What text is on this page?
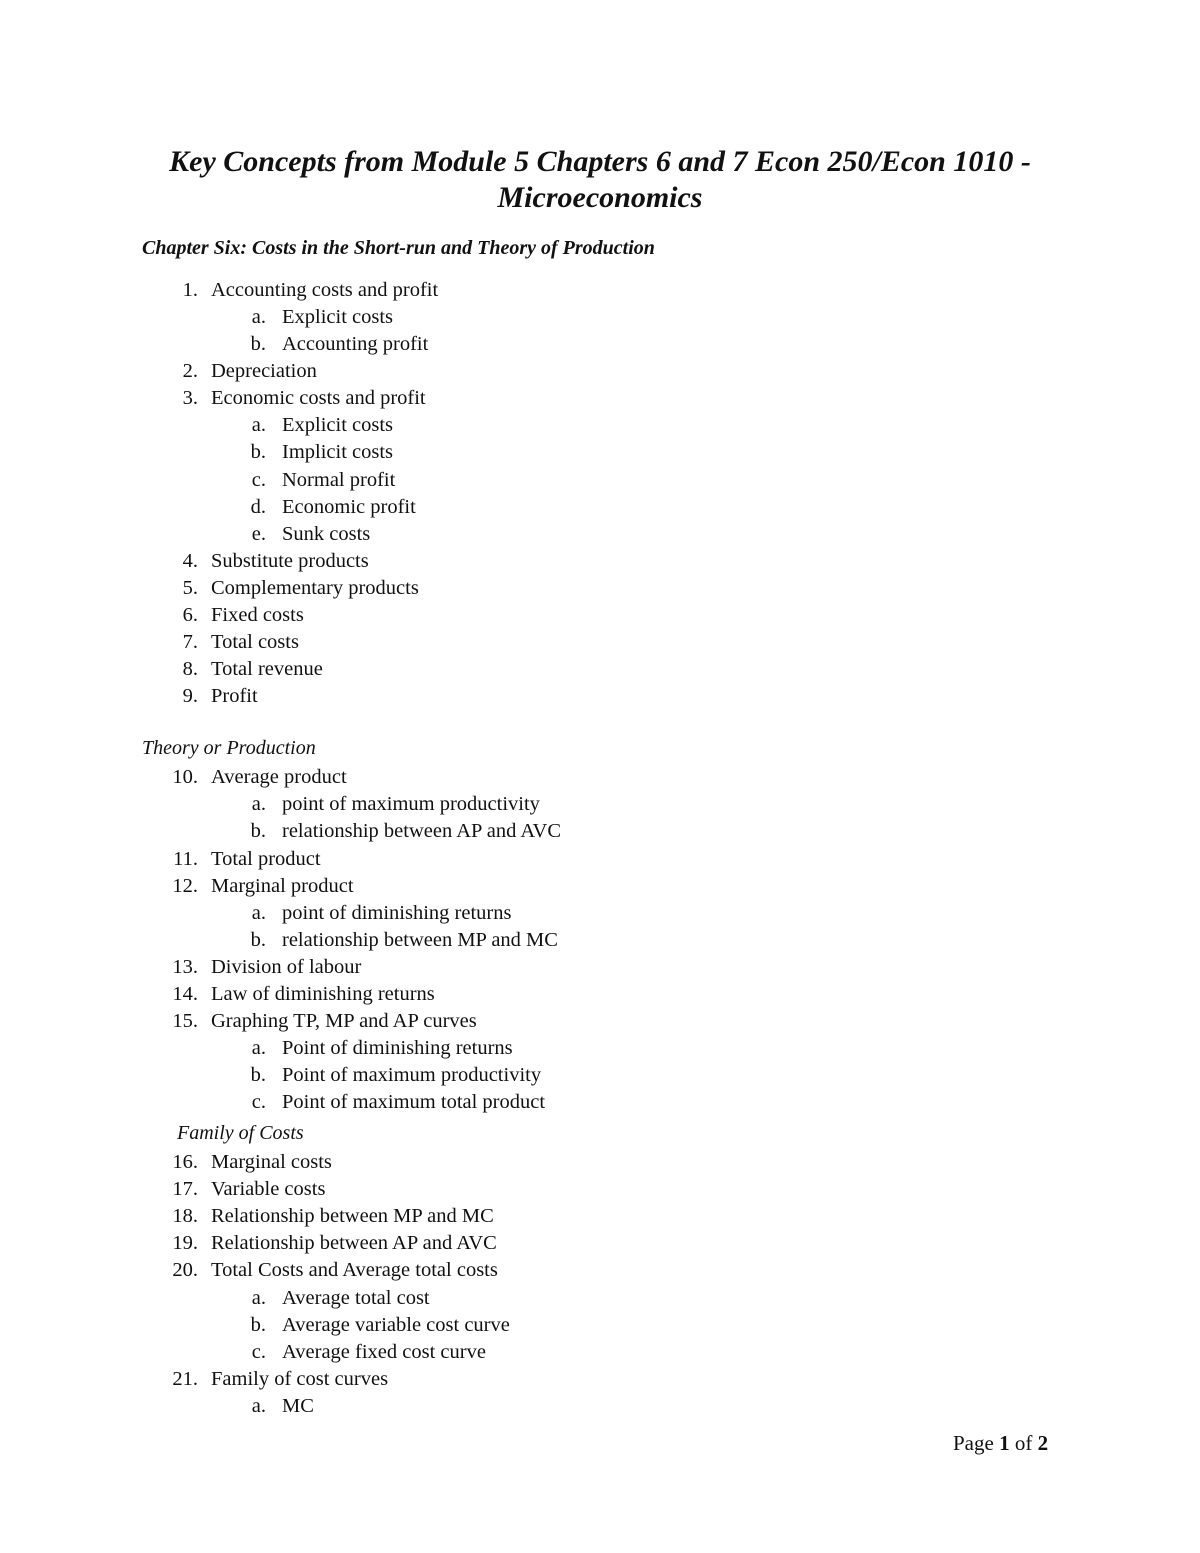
Key Concepts from Module 5 Chapters 6 and 7 Econ 250/Econ 1010 -
Microeconomics
Chapter Six: Costs in the Short-run and Theory of Production
Theory or Production
Family of Costs
1. Accounting costs and profit
a. Explicit costs
b. Accounting profit
2. Depreciation
3. Economic costs and profit
a. Explicit costs
b. Implicit costs
c. Normal profit
d. Economic profit
e. Sunk costs
4. Substitute products
5. Complementary products
6. Fixed costs
7. Total costs
8. Total revenue
9. Profit
10. Average product
a. point of maximum productivity
b. relationship between AP and AVC
11. Total product
12. Marginal product
a. point of diminishing returns
b. relationship between MP and MC
13. Division of labour
14. Law of diminishing returns
15. Graphing TP, MP and AP curves
a. Point of diminishing returns
b. Point of maximum productivity
c. Point of maximum total product
16. Marginal costs
17. Variable costs
18. Relationship between MP and MC
19. Relationship between AP and AVC
20. Total Costs and Average total costs
a. Average total cost
b. Average variable cost curve
c. Average fixed cost curve
21. Family of cost curves
a. MC
Page 1 of 2
